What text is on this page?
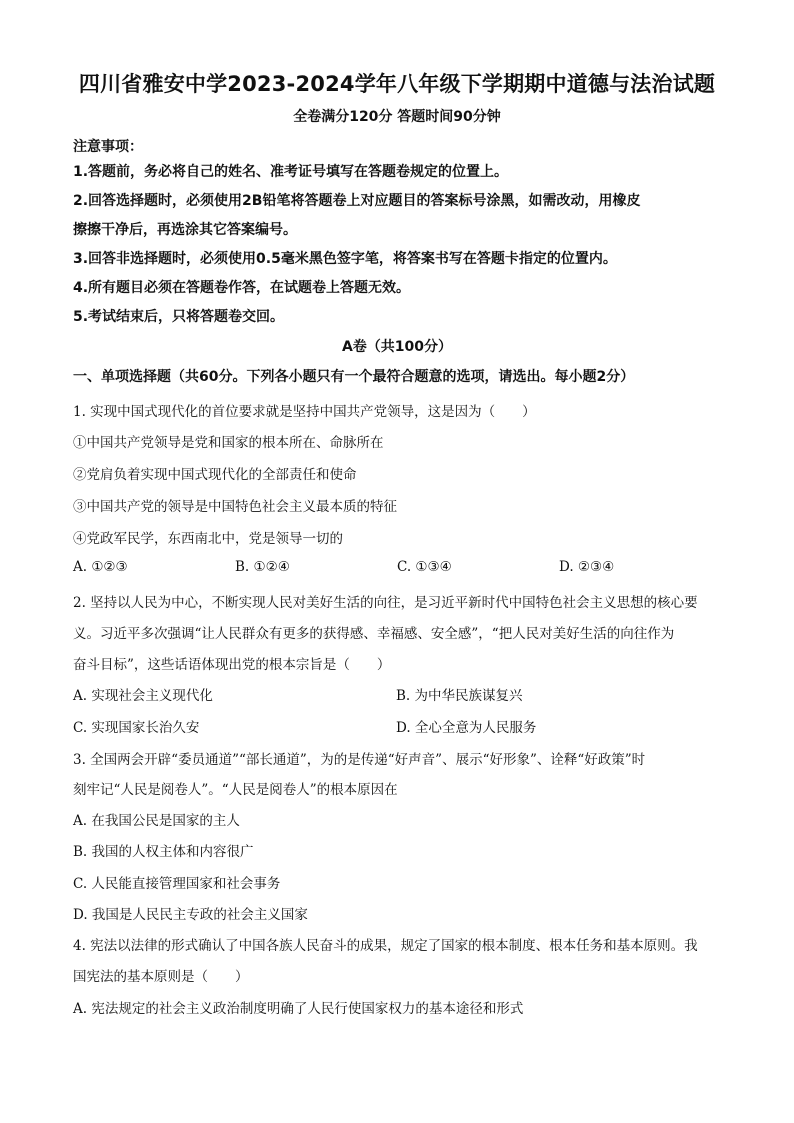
四川省雅安中学2023-2024学年八年级下学期期中道德与法治试题
全卷满分120分 答题时间90分钟
注意事项：

1.答题前，务必将自己的姓名、准考证号填写在答题卷规定的位置上。

2.回答选择题时，必须使用2B铅笔将答题卷上对应题目的答案标号涂黑，如需改动，用橡皮

擦擦干净后，再选涂其它答案编号。

3.回答非选择题时，必须使用0.5毫米黑色签字笔，将答案书写在答题卡指定的位置内。

4.所有题目必须在答题卷作答，在试题卷上答题无效。

5.考试结束后，只将答题卷交回。

A卷（共100分）
一、单项选择题（共60分。下列各小题只有一个最符合题意的选项，请选出。每小题2分）
1. 实现中国式现代化的首位要求就是坚持中国共产党领导，这是因为（　　）
①中国共产党领导是党和国家的根本所在、命脉所在
②党肩负着实现中国式现代化的全部责任和使命
③中国共产党的领导是中国特色社会主义最本质的特征
④党政军民学，东西南北中，党是领导一切的
A. ①②③	B. ①②④	C. ①③④	D. ②③④
2. 坚持以人民为中心，不断实现人民对美好生活的向往，是习近平新时代中国特色社会主义思想的核心要
义。习近平多次强调“让人民群众有更多的获得感、幸福感、安全感”，“把人民对美好生活的向往作为
奋斗目标”，这些话语体现出党的根本宗旨是（　　）
A. 实现社会主义现代化	B. 为中华民族谋复兴
C. 实现国家长治久安	D. 全心全意为人民服务
3. 全国两会开辟“委员通道”“部长通道”，为的是传递“好声音”、展示“好形象”、诠释“好政策”时
刻牢记“人民是阅卷人”。“人民是阅卷人”的根本原因在
A. 在我国公民是国家的主人
B. 我国的人权主体和内容很广
C. 人民能直接管理国家和社会事务
D. 我国是人民民主专政的社会主义国家
4. 宪法以法律的形式确认了中国各族人民奋斗的成果，规定了国家的根本制度、根本任务和基本原则。我
国宪法的基本原则是（　　）
A. 宪法规定的社会主义政治制度明确了人民行使国家权力的基本途径和形式
